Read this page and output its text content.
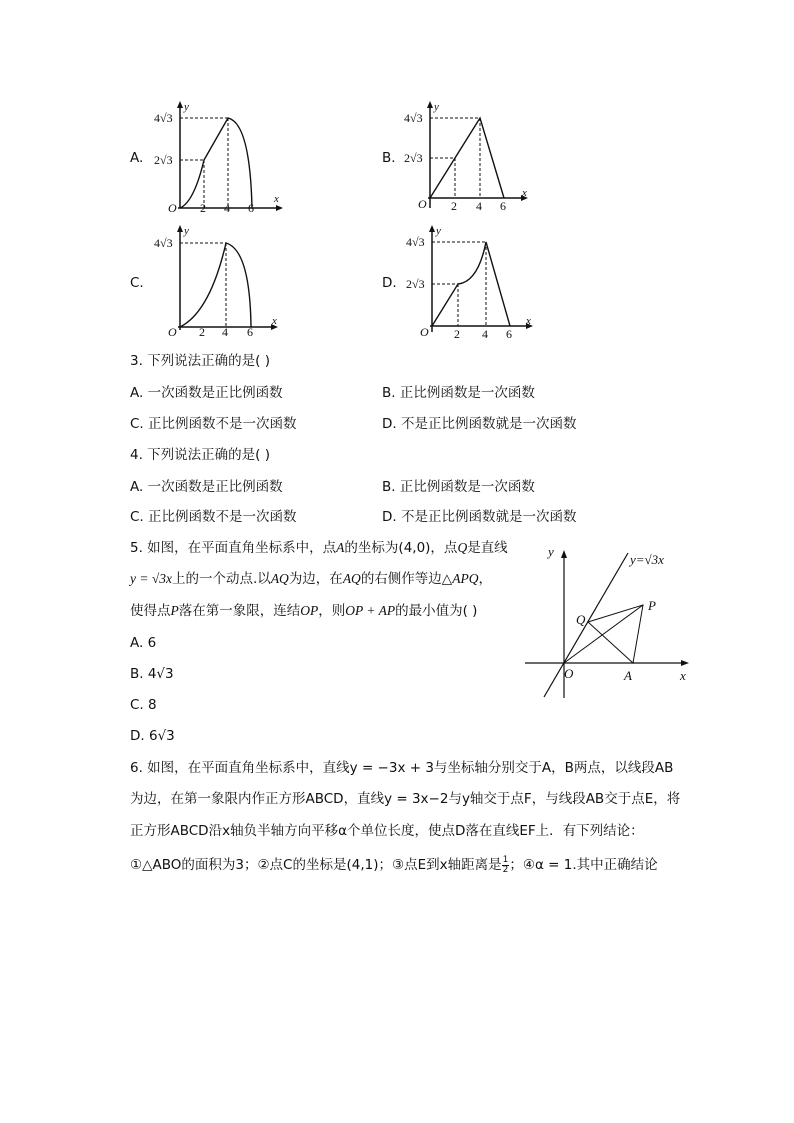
A.
y
x
O
4√3
2√3
2 4 6
B.
y
x
O
4√3
2√3
2 4 6
C.
y
x
O
4√3
2 4 6
D.
y
x
O
4√3
2√3
2 4 6
3. 下列说法正确的是( )
A. 一次函数是正比例函数	B. 正比例函数是一次函数
C. 正比例函数不是一次函数	D. 不是正比例函数就是一次函数
4. 下列说法正确的是( )
A. 一次函数是正比例函数	B. 正比例函数是一次函数
C. 正比例函数不是一次函数	D. 不是正比例函数就是一次函数
5. 如图，在平面直角坐标系中，点A的坐标为(4,0)，点Q是直线
y = √3x上的一个动点.以AQ为边，在AQ的右侧作等边△APQ，
使得点P落在第一象限，连结OP，则OP + AP的最小值为( )
A. 6
B. 4√3
C. 8
D. 6√3
y
x
y=√3x
O	A
P
Q
6. 如图，在平面直角坐标系中，直线y = −3x + 3与坐标轴分别交于A，B两点，以线段AB
为边，在第一象限内作正方形ABCD，直线y = 3x−2与y轴交于点F，与线段AB交于点E，将
正方形ABCD沿x轴负半轴方向平移α个单位长度，使点D落在直线EF上．有下列结论：
①△ABO的面积为3；②点C的坐标是(4,1)；③点E到x轴距离是 $\frac{1}{2}$ ；④α = 1.其中正确结论
